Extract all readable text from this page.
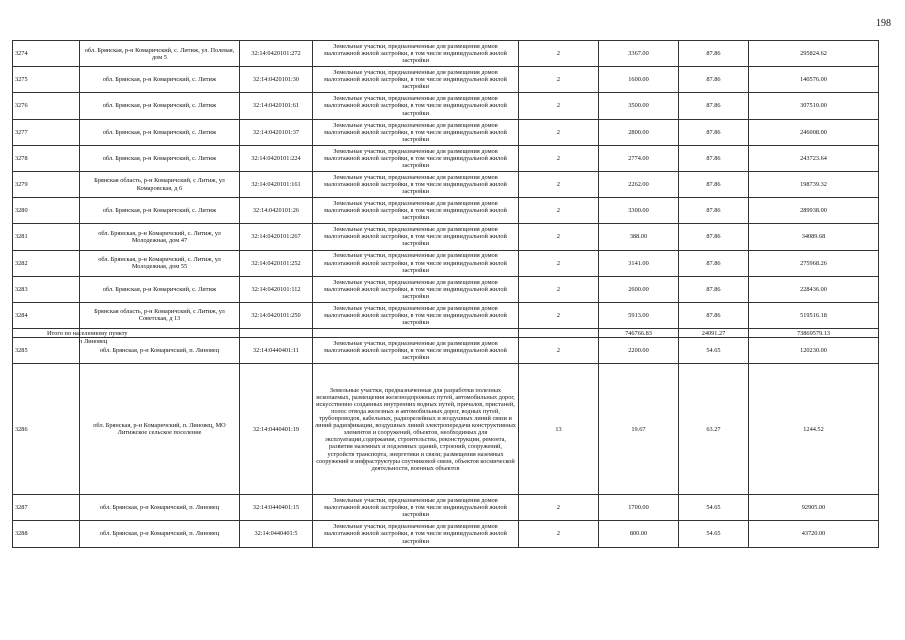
198
3274	обл. Брянская, р-н Комаричский, с. Литиж, ул. Полевая, дом 5	32:14:0420101:272	Земельные участки, предназначенные для размещения домов малоэтажной жилой застройки, в том числе индивидуальной жилой застройки	2	3367.00	87.86	295824.62
3275	обл. Брянская, р-н Комаричский, с. Литиж	32:14:0420101:30	Земельные участки, предназначенные для размещения домов малоэтажной жилой застройки, в том числе индивидуальной жилой застройки	2	1600.00	87.86	140576.00
3276	обл. Брянская, р-н Комаричский, с. Литиж	32:14:0420101:61	Земельные участки, предназначенные для размещения домов малоэтажной жилой застройки, в том числе индивидуальной жилой застройки	2	3500.00	87.86	307510.00
3277	обл. Брянская, р-н Комаричский, с. Литиж	32:14:0420101:37	Земельные участки, предназначенные для размещения домов малоэтажной жилой застройки, в том числе индивидуальной жилой застройки	2	2800.00	87.86	246008.00
3278	обл. Брянская, р-н Комаричский, с. Литиж	32:14:0420101:224	Земельные участки, предназначенные для размещения домов малоэтажной жилой застройки, в том числе индивидуальной жилой застройки	2	2774.00	87.86	243723.64
3279	Брянская область, р-н Комаричский, с Литиж, ул Комаровская, д 6	32:14:0420101:161	Земельные участки, предназначенные для размещения домов малоэтажной жилой застройки, в том числе индивидуальной жилой застройки	2	2262.00	87.86	198739.32
3280	обл. Брянская, р-н Комаричский, с. Литиж	32:14:0420101:26	Земельные участки, предназначенные для размещения домов малоэтажной жилой застройки, в том числе индивидуальной жилой застройки	2	3300.00	87.86	289938.00
3281	обл. Брянская, р-н Комаричский, с. Литиж, ул Молодежная, дом 47	32:14:0420101:267	Земельные участки, предназначенные для размещения домов малоэтажной жилой застройки, в том числе индивидуальной жилой застройки	2	388.00	87.86	34089.68
3282	обл. Брянская, р-н Комаричский, с. Литиж, ул Молодежная, дом 55	32:14:0420101:252	Земельные участки, предназначенные для размещения домов малоэтажной жилой застройки, в том числе индивидуальной жилой застройки	2	3141.00	87.86	275968.26
3283	обл. Брянская, р-н Комаричский, с. Литиж	32:14:0420101:112	Земельные участки, предназначенные для размещения домов малоэтажной жилой застройки, в том числе индивидуальной жилой застройки	2	2600.00	87.86	228436.00
3284	Брянская область, р-н Комаричский, с Литиж, ул Советская, д 13	32:14:0420101:250	Земельные участки, предназначенные для размещения домов малоэтажной жилой застройки, в том числе индивидуальной жилой застройки	2	5913.00	87.86	519516.18
Итого по населенному пункту					746766.83	24091.27	73869579.13

п Линовец
3285	обл. Брянская, р-н Комаричский, п. Линовец	32:14:0440401:11	Земельные участки, предназначенные для размещения домов малоэтажной жилой застройки, в том числе индивидуальной жилой застройки	2	2200.00	54.65	120230.00
3286	обл. Брянская, р-н Комаричский, п. Линовец, МО Литижское сельское поселение	32:14:0440401:19	Земельные участки, предназначенные для разработки полезных ископаемых, размещения железнодорожных путей, автомобильных дорог, искусственно созданных внутренних водных путей, причалов, пристаней, полос отвода железных и автомобильных дорог, водных путей, трубопроводов, кабельных, радиорелейных и воздушных линий связи и линий радиофикации, воздушных линий электропередачи конструктивных элементов и сооружений, объектов, необходимых для эксплуатации,содержания, строительства, реконструкции, ремонта, развития наземных и подземных зданий, строений, сооружений, устройств транспорта, энергетики и связи; размещения наземных сооружений и инфраструктуры спутниковой связи, объектов космической деятельности, военных объектов	13	19.67	63.27	1244.52
3287	обл. Брянская, р-н Комаричский, п. Линовец	32:14:0440401:15	Земельные участки, предназначенные для размещения домов малоэтажной жилой застройки, в том числе индивидуальной жилой застройки	2	1700.00	54.65	92905.00
3288	обл. Брянская, р-н Комаричский, п. Линовец	32:14:0440401:5	Земельные участки, предназначенные для размещения домов малоэтажной жилой застройки, в том числе индивидуальной жилой застройки	2	800.00	54.65	43720.00
